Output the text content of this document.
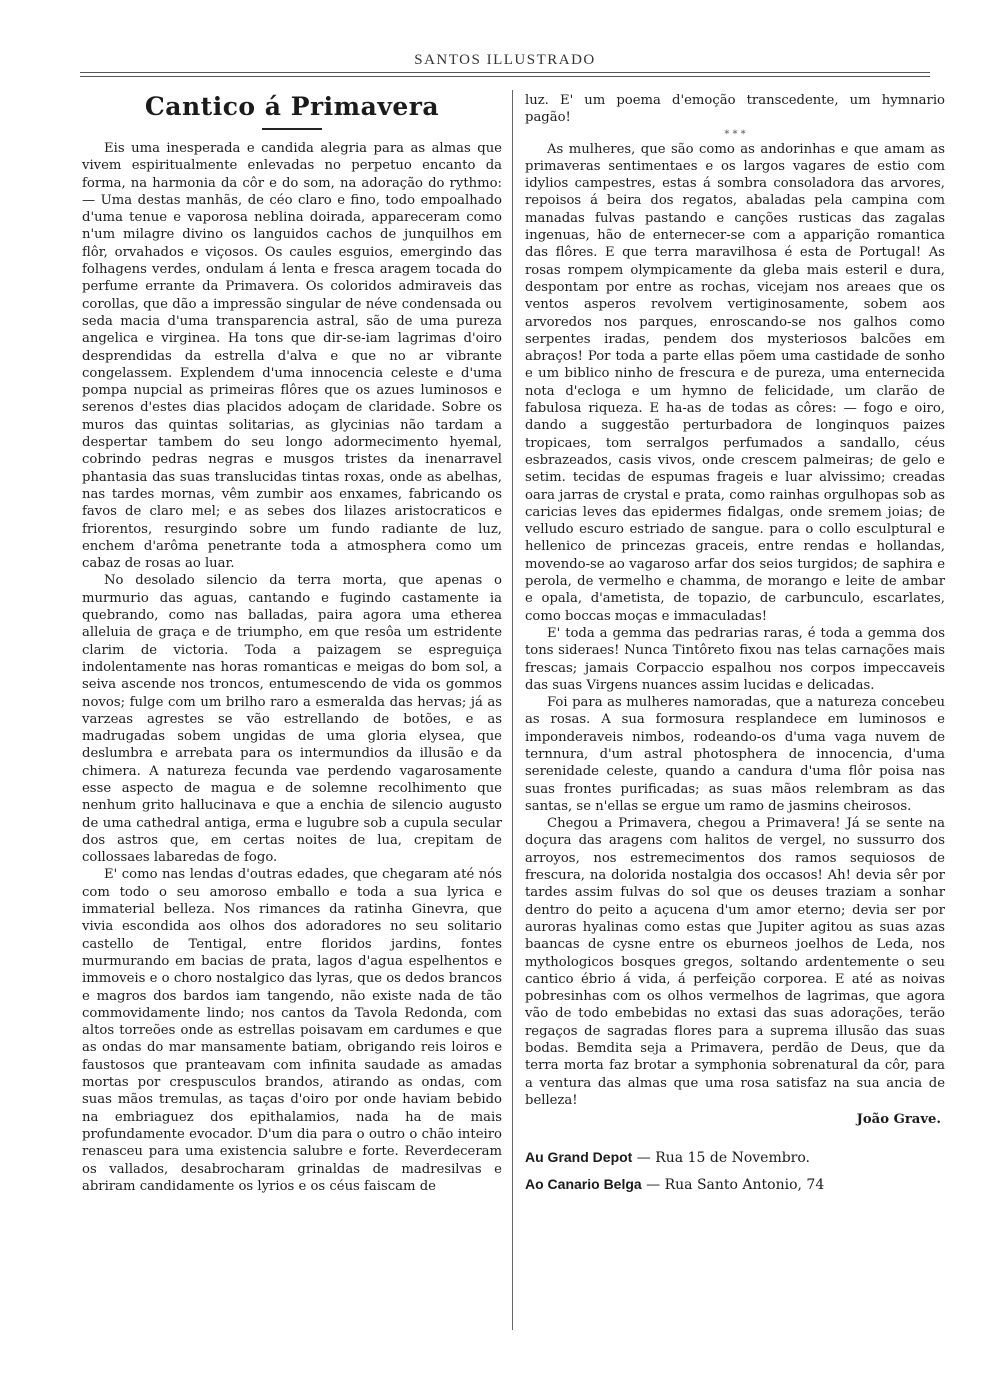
SANTOS ILLUSTRADO
Cantico á Primavera

Eis uma inesperada e candida alegria para as almas que vivem espiritualmente enlevadas no perpetuo encanto da forma, na harmonia da côr e do som, na adoração do rythmo: — Uma destas manhãs, de céo claro e fino, todo empoalhado d'uma tenue e vaporosa neblina doirada, appareceram como n'um milagre divino os languidos cachos de junquilhos em flôr, orvahados e viçosos. Os caules esguios, emergindo das folhagens verdes, ondulam á lenta e fresca aragem tocada do perfume errante da Primavera. Os coloridos admiraveis das corollas, que dão a impressão singular de néve condensada ou seda macia d'uma transparencia astral, são de uma pureza angelica e virginea. Ha tons que dir-se-iam lagrimas d'oiro desprendidas da estrella d'alva e que no ar vibrante congelassem. Explendem d'uma innocencia celeste e d'uma pompa nupcial as primeiras flôres que os azues luminosos e serenos d'estes dias placidos adoçam de claridade. Sobre os muros das quintas solitarias, as glycinias não tardam a despertar tambem do seu longo adormecimento hyemal, cobrindo pedras negras e musgos tristes da inenarravel phantasia das suas translucidas tintas roxas, onde as abelhas, nas tardes mornas, vêm zumbir aos enxames, fabricando os favos de claro mel; e as sebes dos lilazes aristocraticos e friorentos, resurgindo sobre um fundo radiante de luz, enchem d'arôma penetrante toda a atmosphera como um cabaz de rosas ao luar.

No desolado silencio da terra morta, que apenas o murmurio das aguas, cantando e fugindo castamente ia quebrando, como nas balladas, paira agora uma etherea alleluia de graça e de triumpho, em que resôa um estridente clarim de victoria. Toda a paizagem se espreguiça indolentamente nas horas romanticas e meigas do bom sol, a seiva ascende nos troncos, entumescendo de vida os gommos novos; fulge com um brilho raro a esmeralda das hervas; já as varzeas agrestes se vão estrellando de botões, e as madrugadas sobem ungidas de uma gloria elysea, que deslumbra e arrebata para os intermundios da illusão e da chimera. A natureza fecunda vae perdendo vagarosamente esse aspecto de magua e de solemne recolhimento que nenhum grito hallucinava e que a enchia de silencio augusto de uma cathedral antiga, erma e lugubre sob a cupula secular dos astros que, em certas noites de lua, crepitam de collossaes labaredas de fogo.

E' como nas lendas d'outras edades, que chegaram até nós com todo o seu amoroso emballo e toda a sua lyrica e immaterial belleza. Nos rimances da ratinha Ginevra, que vivia escondida aos olhos dos adoradores no seu solitario castello de Tentigal, entre floridos jardins, fontes murmurando em bacias de prata, lagos d'agua espelhentos e immoveis e o choro nostalgico das lyras, que os dedos brancos e magros dos bardos iam tangendo, não existe nada de tão commovidamente lindo; nos cantos da Tavola Redonda, com altos torreões onde as estrellas poisavam em cardumes e que as ondas do mar mansamente batiam, obrigando reis loiros e faustosos que pranteavam com infinita saudade as amadas mortas por crespusculos brandos, atirando as ondas, com suas mãos tremulas, as taças d'oiro por onde haviam bebido na embriaguez dos epithalamios, nada ha de mais profundamente evocador. D'um dia para o outro o chão inteiro renasceu para uma existencia salubre e forte. Reverdeceram os vallados, desabrocharam grinaldas de madresilvas e abriram candidamente os lyrios e os céus faiscam de

luz. E' um poema d'emoção transcedente, um hymnario pagão!

* * *

As mulheres, que são como as andorinhas e que amam as primaveras sentimentaes e os largos vagares de estio com idylios campestres, estas á sombra consoladora das arvores, repoisos á beira dos regatos, abaladas pela campina com manadas fulvas pastando e canções rusticas das zagalas ingenuas, hão de enternecer-se com a apparição romantica das flôres. E que terra maravilhosa é esta de Portugal! As rosas rompem olympicamente da gleba mais esteril e dura, despontam por entre as rochas, vicejam nos areaes que os ventos asperos revolvem vertiginosamente, sobem aos arvoredos nos parques, enroscando-se nos galhos como serpentes iradas, pendem dos mysteriosos balcões em abraços! Por toda a parte ellas põem uma castidade de sonho e um biblico ninho de frescura e de pureza, uma enternecida nota d'ecloga e um hymno de felicidade, um clarão de fabulosa riqueza. E ha-as de todas as côres: — fogo e oiro, dando a suggestão perturbadora de longinquos paizes tropicaes, tom serralgos perfumados a sandallo, céus esbrazeados, casis vivos, onde crescem palmeiras; de gelo e setim. tecidas de espumas frageis e luar alvissimo; creadas oara jarras de crystal e prata, como rainhas orgulhopas sob as caricias leves das epidermes fidalgas, onde sremem joias; de velludo escuro estriado de sangue. para o collo esculptural e hellenico de princezas graceis, entre rendas e hollandas, movendo-se ao vagaroso arfar dos seios turgidos; de saphira e perola, de vermelho e chamma, de morango e leite de ambar e opala, d'ametista, de topazio, de carbunculo, escarlates, como boccas moças e immaculadas!

E' toda a gemma das pedrarias raras, é toda a gemma dos tons sideraes! Nunca Tintôreto fixou nas telas carnações mais frescas; jamais Corpaccio espalhou nos corpos impeccaveis das suas Virgens nuances assim lucidas e delicadas.

Foi para as mulheres namoradas, que a natureza concebeu as rosas. A sua formosura resplandece em luminosos e imponderaveis nimbos, rodeando-os d'uma vaga nuvem de ternnura, d'um astral photosphera de innocencia, d'uma serenidade celeste, quando a candura d'uma flôr poisa nas suas frontes purificadas; as suas mãos relembram as das santas, se n'ellas se ergue um ramo de jasmins cheirosos.

Chegou a Primavera, chegou a Primavera! Já se sente na doçura das aragens com halitos de vergel, no sussurro dos arroyos, nos estremecimentos dos ramos sequiosos de frescura, na dolorida nostalgia dos occasos! Ah! devia sêr por tardes assim fulvas do sol que os deuses traziam a sonhar dentro do peito a açucena d'um amor eterno; devia ser por auroras hyalinas como estas que Jupiter agitou as suas azas baancas de cysne entre os eburneos joelhos de Leda, nos mythologicos bosques gregos, soltando ardentemente o seu cantico ébrio á vida, á perfeição corporea. E até as noivas pobresinhas com os olhos vermelhos de lagrimas, que agora vão de todo embebidas no extasi das suas adorações, terão regaços de sagradas flores para a suprema illusão das suas bodas. Bemdita seja a Primavera, perdão de Deus, que da terra morta faz brotar a symphonia sobrenatural da côr, para a ventura das almas que uma rosa satisfaz na sua ancia de belleza!

João Grave.
Au Grand Depot — Rua 15 de Novembro.
Ao Canario Belga — Rua Santo Antonio, 74
